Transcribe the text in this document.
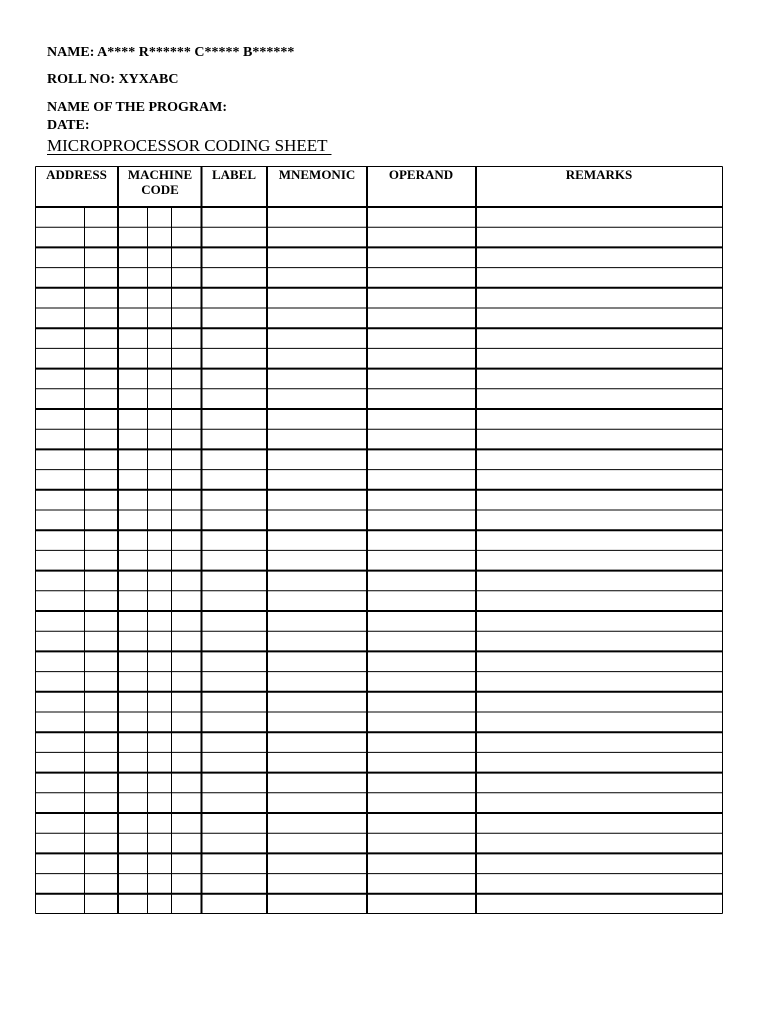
NAME: A**** R****** C***** B******
ROLL NO: XYXABC
NAME OF THE PROGRAM:
DATE:
MICROPROCESSOR CODING SHEET
ADDRESS MACHINE
CODE
LABEL MNEMONIC	OPERAND	REMARKS
